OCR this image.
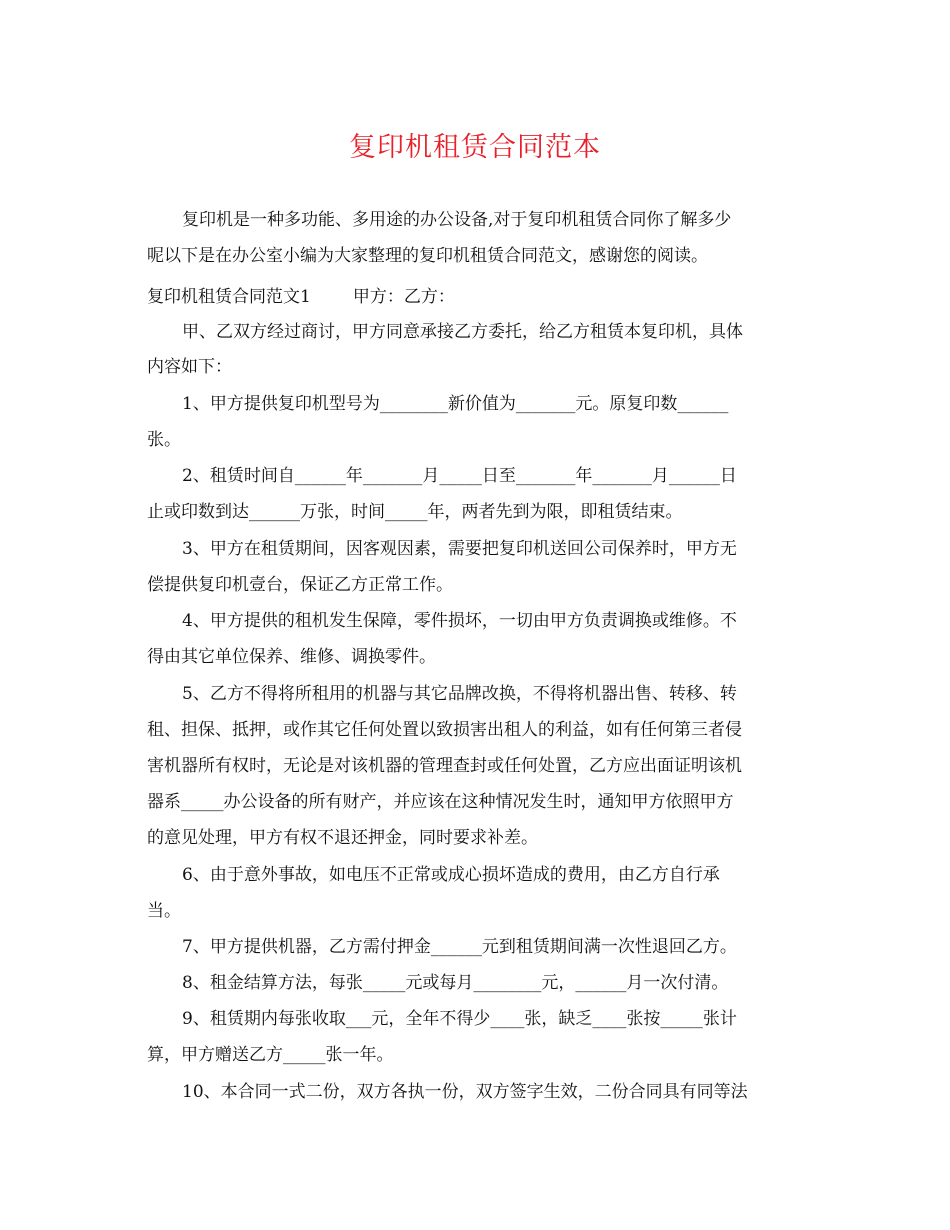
复印机租赁合同范本

复印机是一种多功能、多用途的办公设备,对于复印机租赁合同你了解多少

呢以下是在办公室小编为大家整理的复印机租赁合同范文，感谢您的阅读。

复印机租赁合同范文1 甲方：乙方：

甲、乙双方经过商讨，甲方同意承接乙方委托，给乙方租赁本复印机，具体

内容如下：

1、甲方提供复印机型号为________新价值为_______元。原复印数______

张。

2、租赁时间自______年_______月_____日至_______年_______月______日

止或印数到达______万张，时间_____年，两者先到为限，即租赁结束。

3、甲方在租赁期间，因客观因素，需要把复印机送回公司保养时，甲方无

偿提供复印机壹台，保证乙方正常工作。

4、甲方提供的租机发生保障，零件损坏，一切由甲方负责调换或维修。不

得由其它单位保养、维修、调换零件。

5、乙方不得将所租用的机器与其它品牌改换，不得将机器出售、转移、转

租、担保、抵押，或作其它任何处置以致损害出租人的利益，如有任何第三者侵

害机器所有权时，无论是对该机器的管理查封或任何处置，乙方应出面证明该机

器系_____办公设备的所有财产，并应该在这种情况发生时，通知甲方依照甲方

的意见处理，甲方有权不退还押金，同时要求补差。

6、由于意外事故，如电压不正常或成心损坏造成的费用，由乙方自行承

当。

7、甲方提供机器，乙方需付押金______元到租赁期间满一次性退回乙方。

8、租金结算方法，每张_____元或每月________元，______月一次付清。

9、租赁期内每张收取___元，全年不得少____张，缺乏____张按_____张计

算，甲方赠送乙方_____张一年。

10、本合同一式二份，双方各执一份，双方签字生效，二份合同具有同等法
